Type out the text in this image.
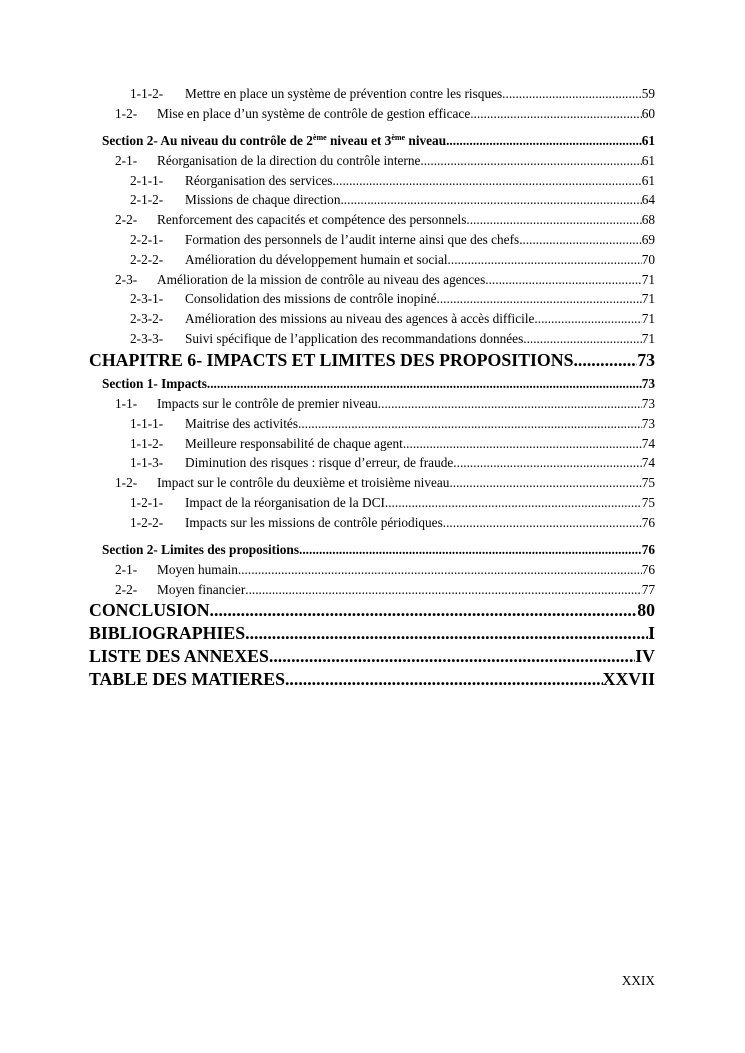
1-1-2-	Mettre en place un système de prévention contre les risques .....	59
1-2-	Mise en place d’un système de contrôle de gestion efficace .....	60
Section 2- Au niveau du contrôle de 2ème niveau et 3ème niveau .....	61
2-1-	Réorganisation de la direction du contrôle interne .....	61
2-1-1-	Réorganisation des services .....	61
2-1-2-	Missions de chaque direction .....	64
2-2-	Renforcement des capacités et compétence des personnels .....	68
2-2-1-	Formation des personnels de l’audit interne ainsi que des chefs .....	69
2-2-2-	Amélioration du développement humain et social .....	70
2-3-	Amélioration de la mission de contrôle au niveau des agences .....	71
2-3-1-	Consolidation des missions de contrôle inopiné .....	71
2-3-2-	Amélioration des missions au niveau des agences à accès difficile .....	71
2-3-3-	Suivi spécifique de l’application des recommandations données .....	71
CHAPITRE 6- IMPACTS ET LIMITES DES PROPOSITIONS .....	73
Section 1- Impacts .....	73
1-1-	Impacts sur le contrôle de premier niveau .....	73
1-1-1-	Maitrise des activités .....	73
1-1-2-	Meilleure responsabilité de chaque agent .....	74
1-1-3-	Diminution des risques : risque d’erreur, de fraude .....	74
1-2-	Impact sur le contrôle du deuxième et troisième niveau .....	75
1-2-1-	Impact de la réorganisation de la DCI .....	75
1-2-2-	Impacts sur les missions de contrôle périodiques .....	76
Section 2- Limites des propositions .....	76
2-1-	Moyen humain .....	76
2-2-	Moyen financier .....	77
CONCLUSION .....	80
BIBLIOGRAPHIES .....	I
LISTE DES ANNEXES .....	IV
TABLE DES MATIERES .....	XXVII
XXIX
